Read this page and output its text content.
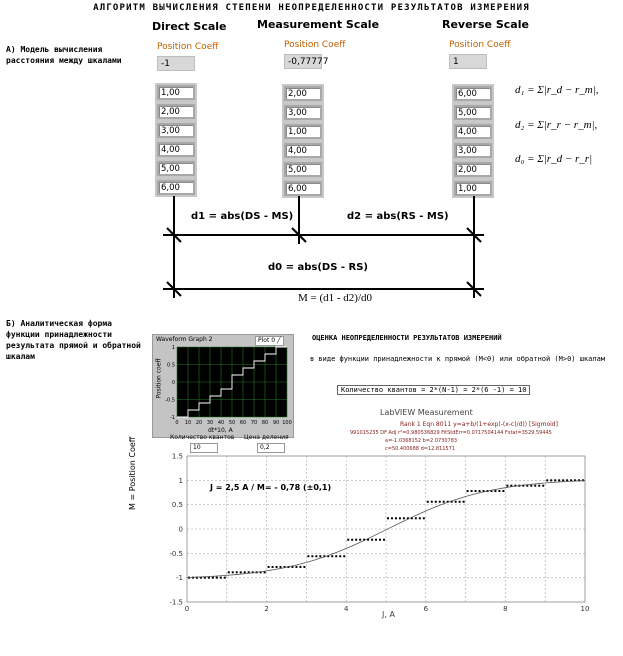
АЛГОРИТМ ВЫЧИСЛЕНИЯ СТЕПЕНИ НЕОПРЕДЕЛЕННОСТИ РЕЗУЛЬТАТОВ ИЗМЕРЕНИЯ
А) Модель вычисления расстояния между шкалами
Direct Scale
Position Coeff
-1
1,00
2,00
3,00
4,00
5,00
6,00
Measurement Scale
Position Coeff
-0,77777
2,00
3,00
1,00
4,00
5,00
6,00
Reverse Scale
Position Coeff
1
6,00
5,00
4,00
3,00
2,00
1,00
d₁ = Σ|r_d − r_m|,
d₂ = Σ|r_r − r_m|,
d₀ = Σ|r_d − r_r|
d1 = abs(DS - MS)	d2 = abs(RS - MS)
d0 = abs(DS - RS)
M = (d1 - d2)/d0
Б) Аналитическая форма функции принадлежности результата прямой и обратной шкалам
Waveform Graph 2	Plot 0 ╱
Position coeff
0 10 20 30 40 50 60 70 80 90 100
1
0.5
0
-0.5
-1
dt*10, A
Количество квантов Цена деления
10	0,2
ОЦЕНКА НЕОПРЕДЕЛЕННОСТИ РЕЗУЛЬТАТОВ ИЗМЕРЕНИЙ
в виде функции принадлежности к прямой (M<0) или обратной (M>0) шкалам
Количество квантов = 2*(N-1) = 2*(6 -1) = 10
LabVIEW Measurement
Rank 1 Eqn 8011 y=a+b/(1+exp(-(x-c)/d)) [Sigmoid]
991015235 DF Adj r²=0.980536829 FitStdErr=0.0717504144 Fstat=3529.59445
a=-1.0368152 b=2.0730783
c=50.400688 d=12.811571
-1.5
-1
-0.5
0
0.5
1
1.5
0	2	4	6	8	10
J = 2,5 A / M= - 0,78 (±0,1)
M = Position Coeff
J, A
